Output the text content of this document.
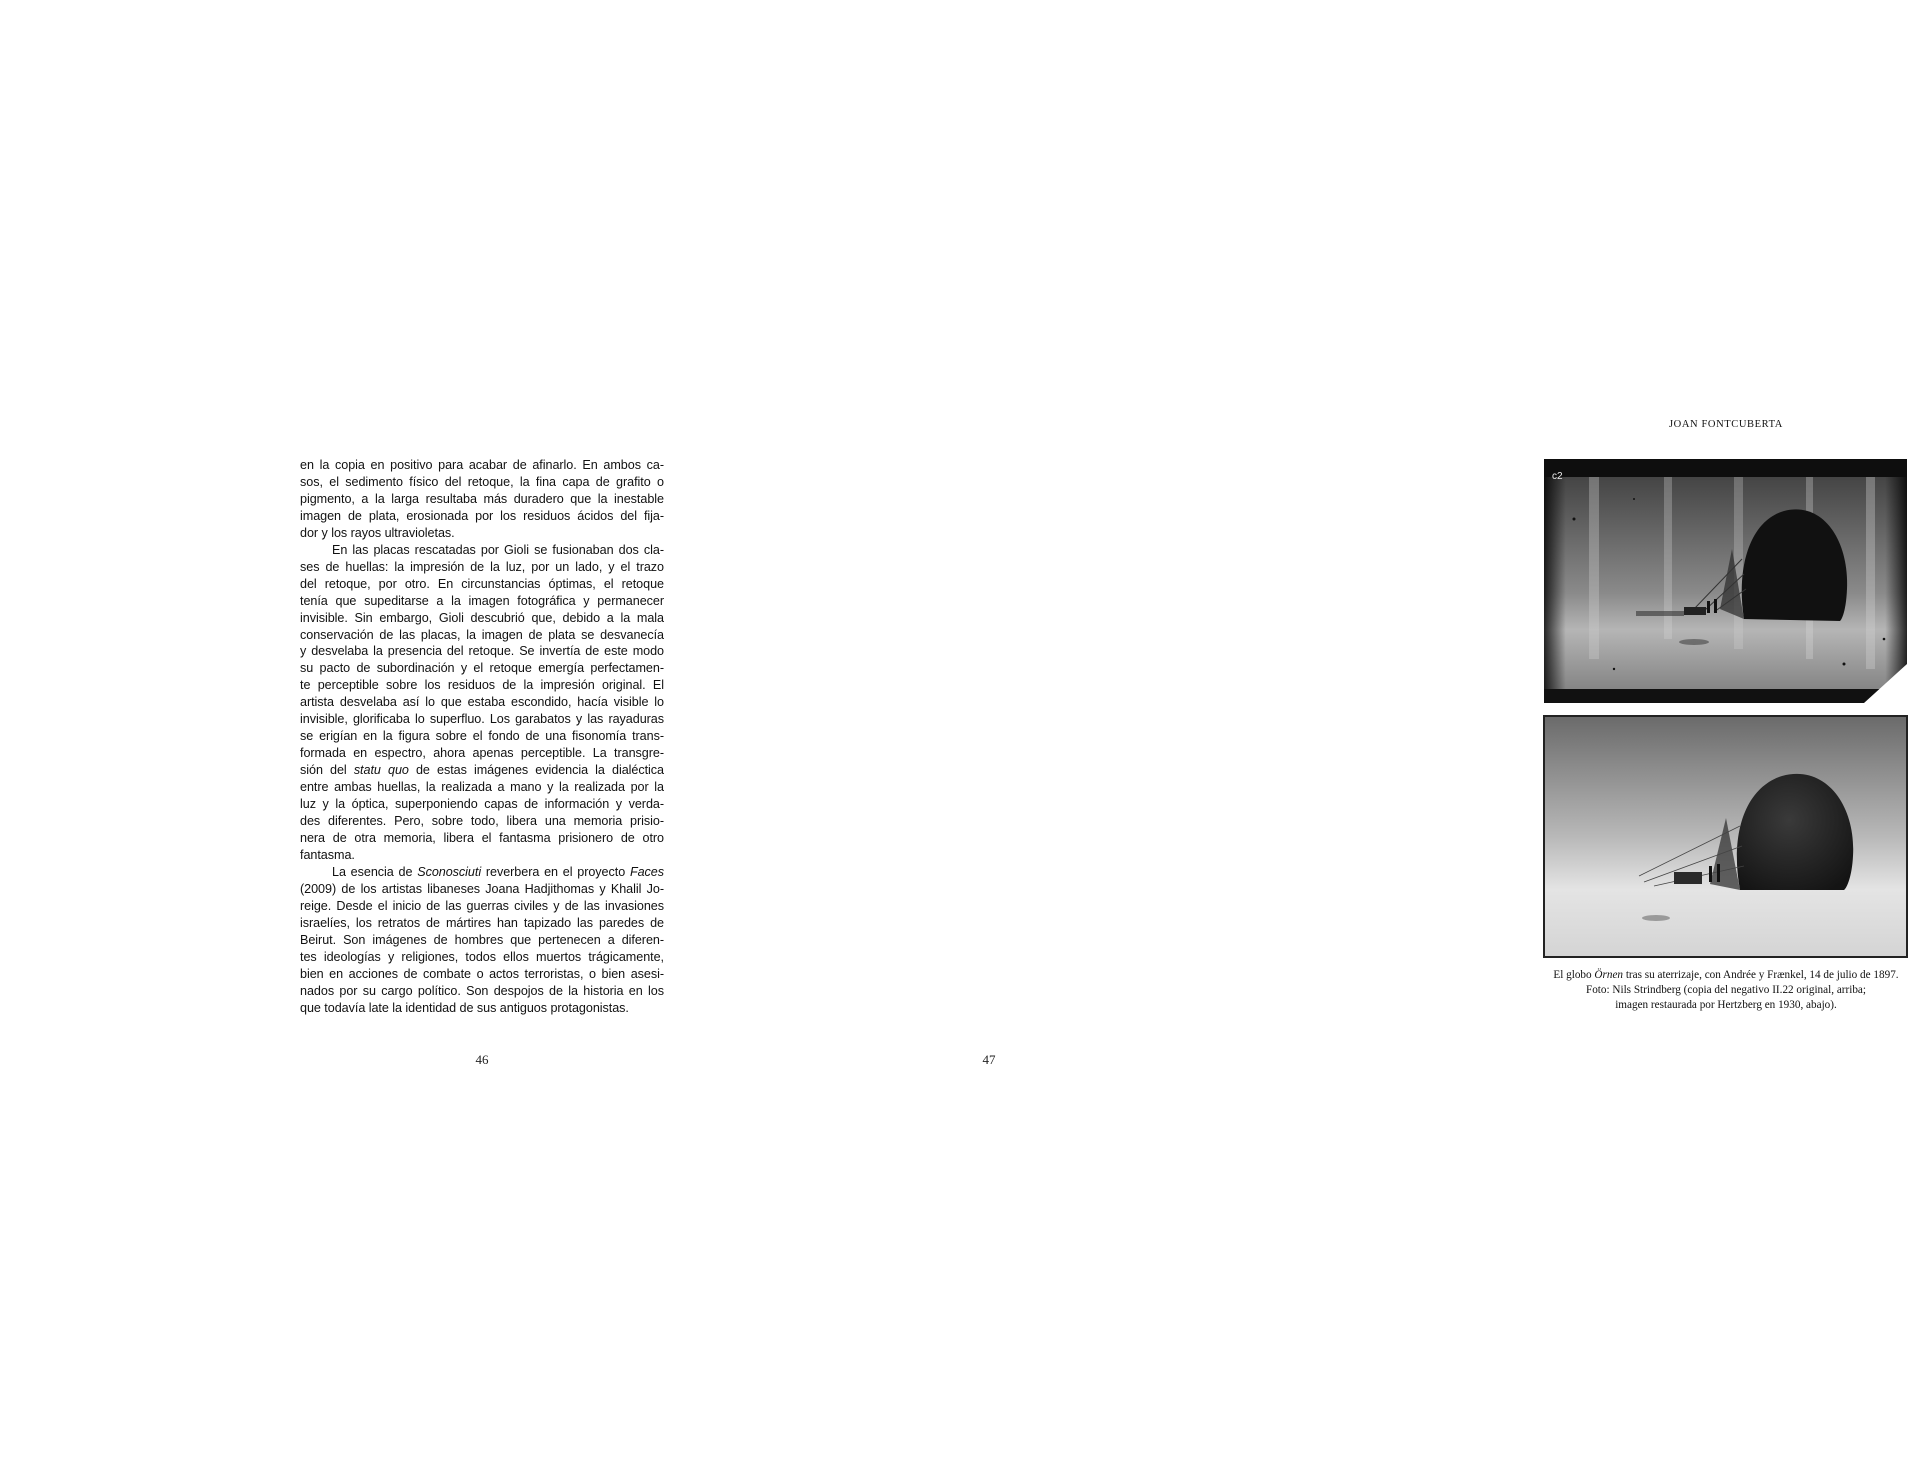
en la copia en positivo para acabar de afinarlo. En ambos ca-
sos, el sedimento físico del retoque, la fina capa de grafito o
pigmento, a la larga resultaba más duradero que la inestable
imagen de plata, erosionada por los residuos ácidos del fija-
dor y los rayos ultravioletas.
En las placas rescatadas por Gioli se fusionaban dos cla-
ses de huellas: la impresión de la luz, por un lado, y el trazo
del retoque, por otro. En circunstancias óptimas, el retoque
tenía que supeditarse a la imagen fotográfica y permanecer
invisible. Sin embargo, Gioli descubrió que, debido a la mala
conservación de las placas, la imagen de plata se desvanecía
y desvelaba la presencia del retoque. Se invertía de este modo
su pacto de subordinación y el retoque emergía perfectamen-
te perceptible sobre los residuos de la impresión original. El
artista desvelaba así lo que estaba escondido, hacía visible lo
invisible, glorificaba lo superfluo. Los garabatos y las rayaduras
se erigían en la figura sobre el fondo de una fisonomía trans-
formada en espectro, ahora apenas perceptible. La transgre-
sión del statu quo de estas imágenes evidencia la dialéctica
entre ambas huellas, la realizada a mano y la realizada por la
luz y la óptica, superponiendo capas de información y verda-
des diferentes. Pero, sobre todo, libera una memoria prisio-
nera de otra memoria, libera el fantasma prisionero de otro
fantasma.
La esencia de Sconosciuti reverbera en el proyecto Faces
(2009) de los artistas libaneses Joana Hadjithomas y Khalil Jo-
reige. Desde el inicio de las guerras civiles y de las invasiones
israelíes, los retratos de mártires han tapizado las paredes de
Beirut. Son imágenes de hombres que pertenecen a diferen-
tes ideologías y religiones, todos ellos muertos trágicamente,
bien en acciones de combate o actos terroristas, o bien asesi-
nados por su cargo político. Son despojos de la historia en los
que todavía late la identidad de sus antiguos protagonistas.
46
JOAN FONTCUBERTA
c2
El globo Örnen tras su aterrizaje, con Andrée y Frænkel, 14 de julio de 1897.
Foto: Nils Strindberg (copia del negativo II.22 original, arriba;
imagen restaurada por Hertzberg en 1930, abajo).
47
